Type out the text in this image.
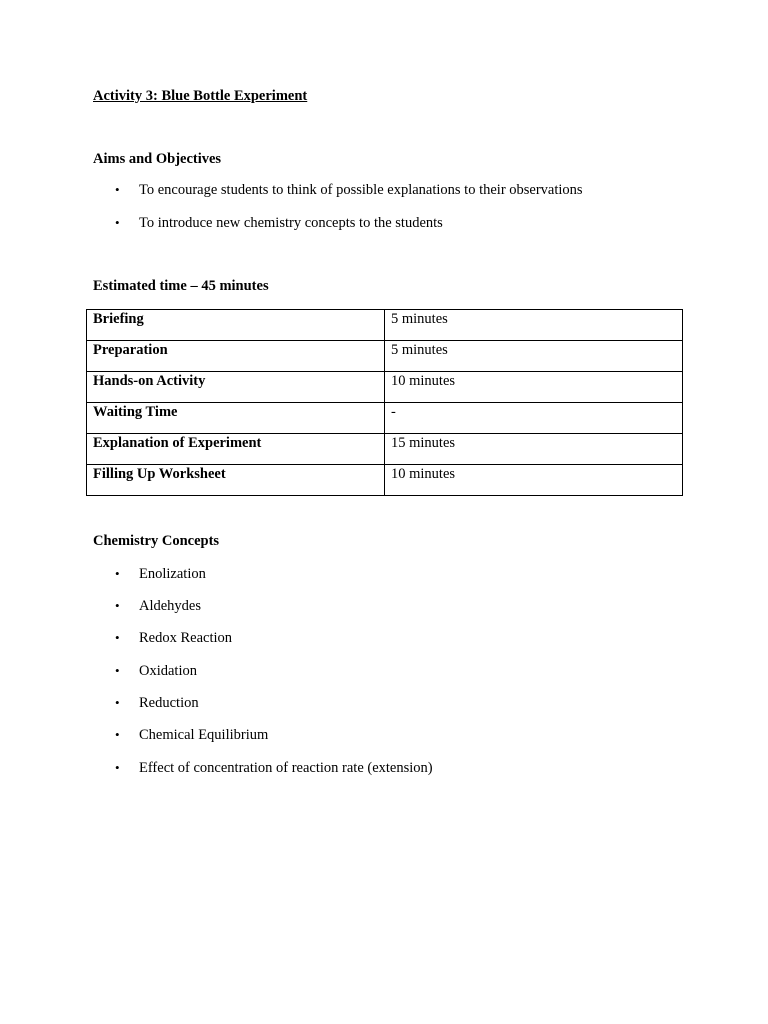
Activity 3: Blue Bottle Experiment
Aims and Objectives
• To encourage students to think of possible explanations to their observations
• To introduce new chemistry concepts to the students
Estimated time – 45 minutes
Briefing	5 minutes
Preparation	5 minutes
Hands-on Activity	10 minutes
Waiting Time	-
Explanation of Experiment	15 minutes
Filling Up Worksheet	10 minutes
Chemistry Concepts
• Enolization
• Aldehydes
• Redox Reaction
• Oxidation
• Reduction
• Chemical Equilibrium
• Effect of concentration of reaction rate (extension)
